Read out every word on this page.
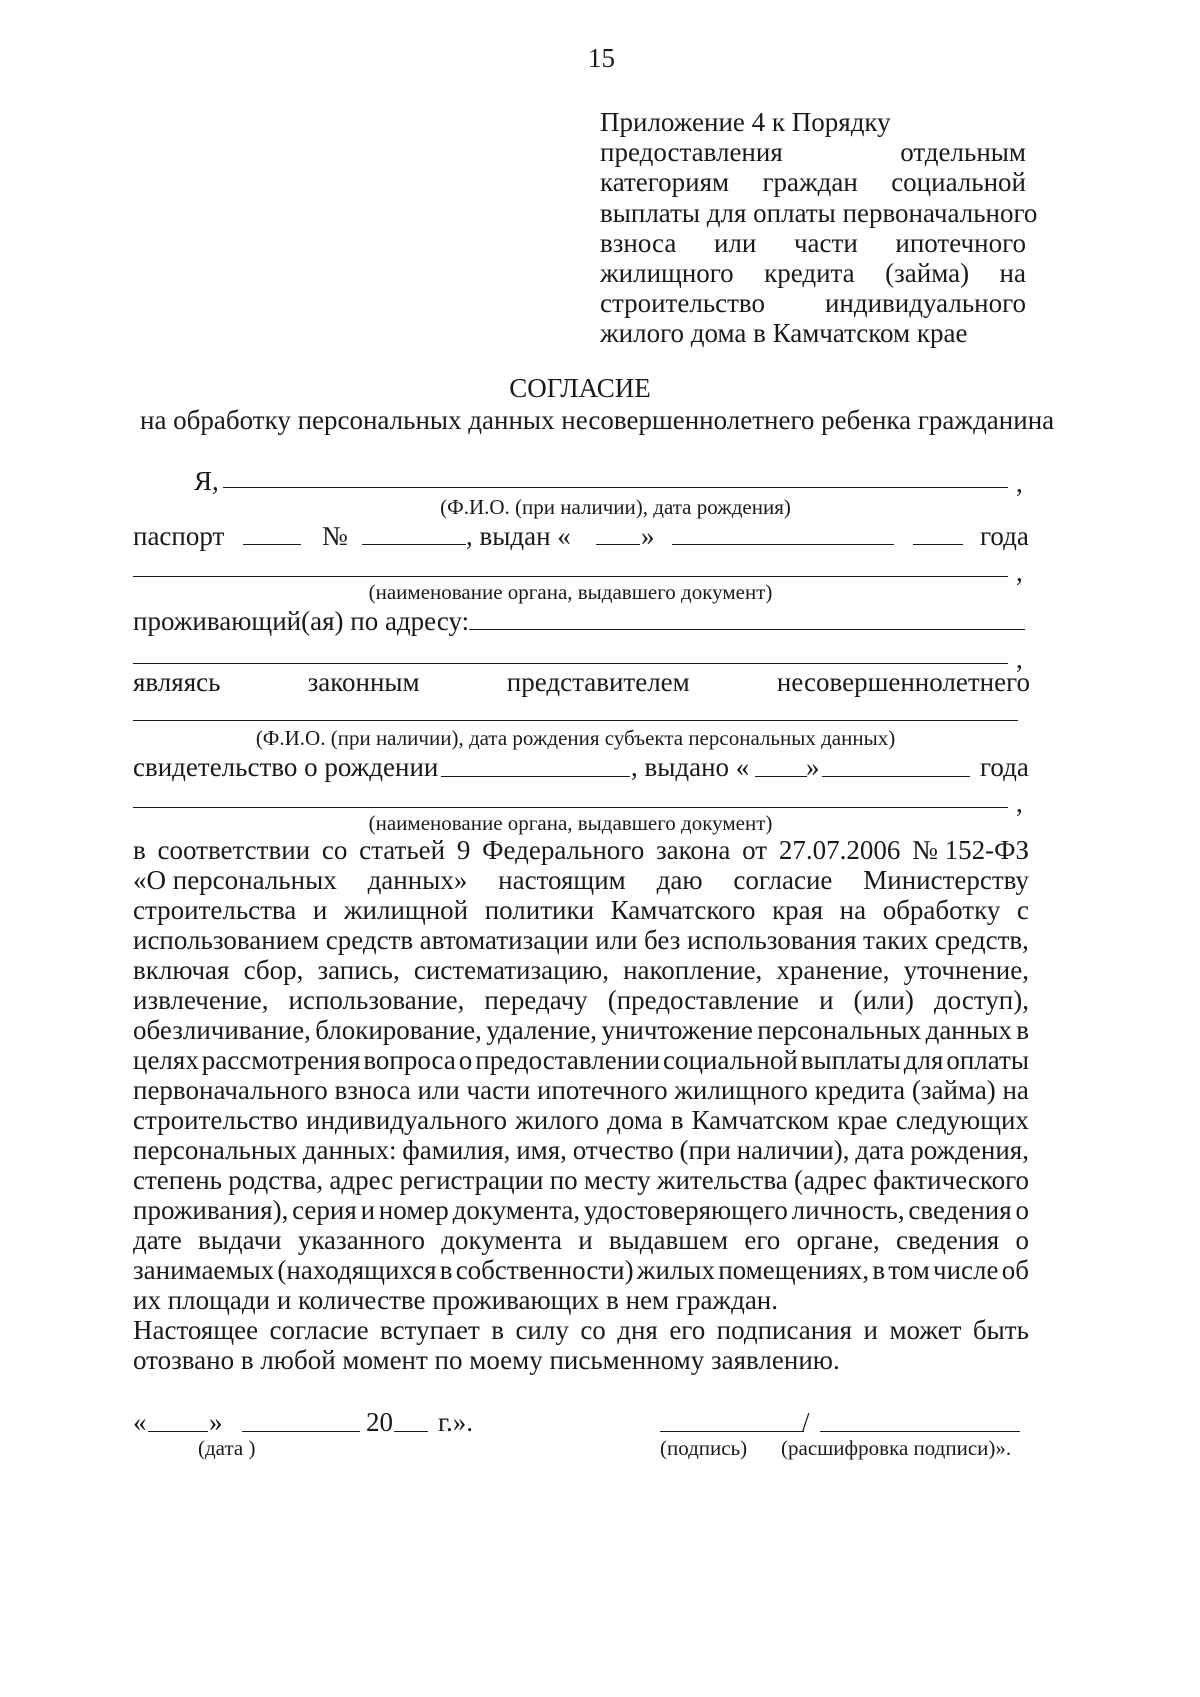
15
Приложение 4 к Порядку
предоставления	отдельным
категориям граждан социальной
выплаты для оплаты первоначального
взноса или части ипотечного
жилищного кредита (займа) на
строительство индивидуального
жилого дома в Камчатском крае
СОГЛАСИЕ
на обработку персональных данных несовершеннолетнего ребенка гражданина
Я,	,
(Ф.И.О. (при наличии), дата рождения)
паспорт	№	, выдан «	»	года
,
(наименование органа, выдавшего документ)
проживающий(ая) по адресу:
,
являясь	законным	представителем	несовершеннолетнего
(Ф.И.О. (при наличии), дата рождения субъекта персональных данных)
свидетельство о рождении	, выдано « »	года
,
(наименование органа, выдавшего документ)
в соответствии со статьей 9 Федерального закона от 27.07.2006 № 152-ФЗ
«О персональных данных» настоящим даю согласие Министерству
строительства и жилищной политики Камчатского края на обработку с
использованием средств автоматизации или без использования таких средств,
включая сбор, запись, систематизацию, накопление, хранение, уточнение,
извлечение, использование, передачу (предоставление и (или) доступ),
обезличивание, блокирование, удаление, уничтожение персональных данных в
целях рассмотрения вопроса о предоставлении социальной выплаты для оплаты
первоначального взноса или части ипотечного жилищного кредита (займа) на
строительство индивидуального жилого дома в Камчатском крае следующих
персональных данных: фамилия, имя, отчество (при наличии), дата рождения,
степень родства, адрес регистрации по месту жительства (адрес фактического
проживания), серия и номер документа, удостоверяющего личность, сведения о
дате выдачи указанного документа и выдавшем его органе, сведения о
занимаемых (находящихся в собственности) жилых помещениях, в том числе об
их площади и количестве проживающих в нем граждан.
Настоящее согласие вступает в силу со дня его подписания и может быть
отозвано в любой момент по моему письменному заявлению.
« »	20 г.».
(дата )
/
(подпись) (расшифровка подписи)».
